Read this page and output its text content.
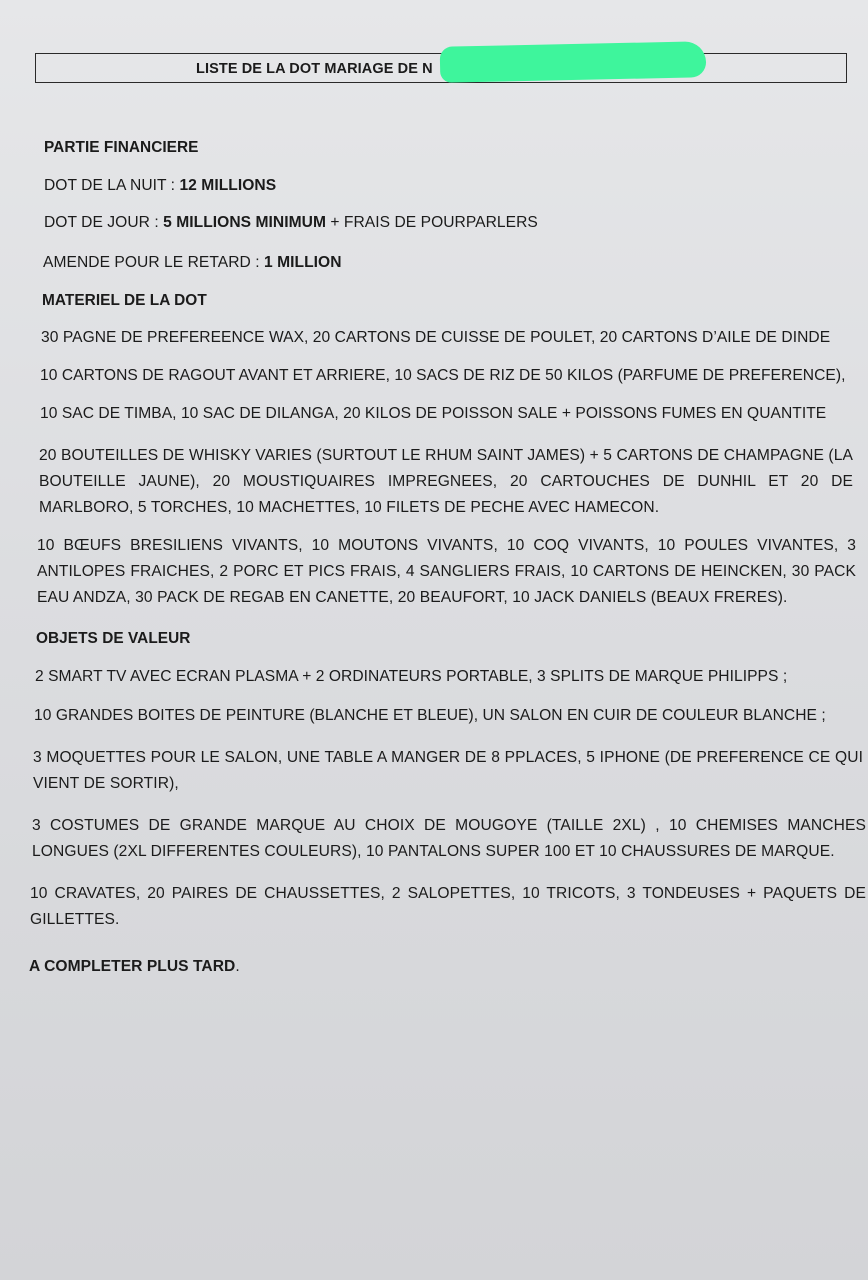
LISTE DE LA DOT MARIAGE DE N
PARTIE FINANCIERE
DOT DE LA NUIT : 12 MILLIONS
DOT DE JOUR : 5 MILLIONS MINIMUM + FRAIS DE POURPARLERS
AMENDE POUR LE RETARD : 1 MILLION
MATERIEL DE LA DOT
30 PAGNE DE PREFEREENCE WAX, 20 CARTONS DE CUISSE DE POULET, 20 CARTONS D’AILE DE DINDE
10 CARTONS DE RAGOUT AVANT ET ARRIERE, 10 SACS DE RIZ DE 50 KILOS (PARFUME DE PREFERENCE),
10 SAC DE TIMBA, 10 SAC DE DILANGA, 20 KILOS DE POISSON SALE + POISSONS FUMES EN QUANTITE
20 BOUTEILLES DE WHISKY VARIES (SURTOUT LE RHUM SAINT JAMES) + 5 CARTONS DE CHAMPAGNE (LA BOUTEILLE JAUNE), 20 MOUSTIQUAIRES IMPREGNEES, 20 CARTOUCHES DE DUNHIL ET 20 DE MARLBORO, 5 TORCHES, 10 MACHETTES, 10 FILETS DE PECHE AVEC HAMECON.
10 BŒUFS BRESILIENS VIVANTS, 10 MOUTONS VIVANTS, 10 COQ VIVANTS, 10 POULES VIVANTES, 3 ANTILOPES FRAICHES, 2 PORC ET PICS FRAIS, 4 SANGLIERS FRAIS, 10 CARTONS DE HEINCKEN, 30 PACK EAU ANDZA, 30 PACK DE REGAB EN CANETTE, 20 BEAUFORT, 10 JACK DANIELS (BEAUX FRERES).
OBJETS DE VALEUR
2 SMART TV AVEC ECRAN PLASMA + 2 ORDINATEURS PORTABLE, 3 SPLITS DE MARQUE PHILIPPS ;
10 GRANDES BOITES DE PEINTURE (BLANCHE ET BLEUE), UN SALON EN CUIR DE COULEUR BLANCHE ;
3 MOQUETTES POUR LE SALON, UNE TABLE A MANGER DE 8 PPLACES, 5 IPHONE (DE PREFERENCE CE QUI VIENT DE SORTIR),
3 COSTUMES DE GRANDE MARQUE AU CHOIX DE MOUGOYE (TAILLE 2XL) , 10 CHEMISES MANCHES LONGUES (2XL DIFFERENTES COULEURS), 10 PANTALONS SUPER 100 ET 10 CHAUSSURES DE MARQUE.
10 CRAVATES, 20 PAIRES DE CHAUSSETTES, 2 SALOPETTES, 10 TRICOTS, 3 TONDEUSES + PAQUETS DE GILLETTES.
A COMPLETER PLUS TARD.
